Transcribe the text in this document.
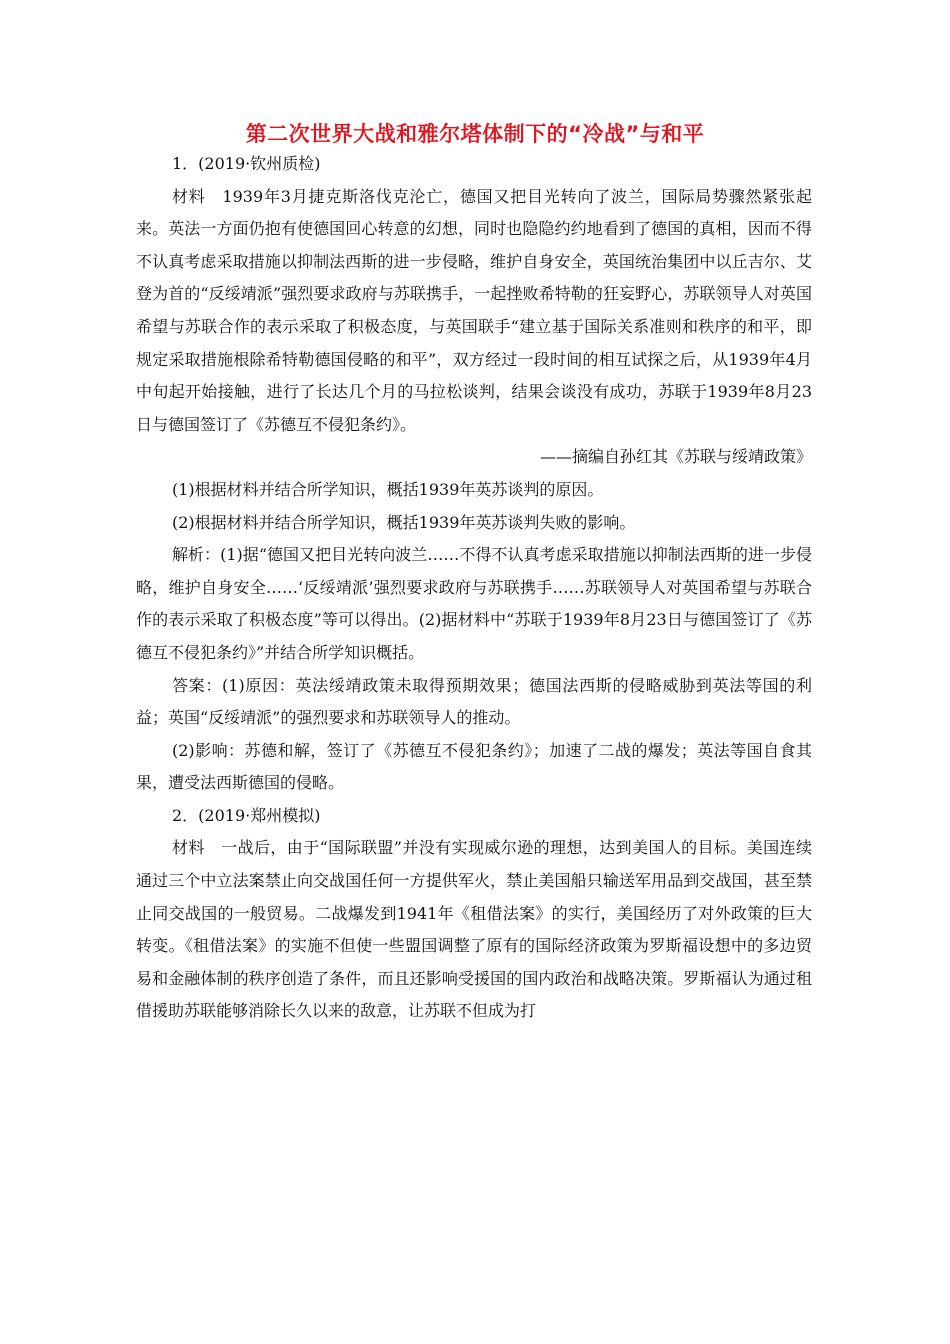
第二次世界大战和雅尔塔体制下的“冷战”与和平

1．(2019·钦州质检)

材料　1939年3月捷克斯洛伐克沦亡，德国又把目光转向了波兰，国际局势骤然紧张起来。英法一方面仍抱有使德国回心转意的幻想，同时也隐隐约约地看到了德国的真相，因而不得不认真考虑采取措施以抑制法西斯的进一步侵略，维护自身安全，英国统治集团中以丘吉尔、艾登为首的“反绥靖派”强烈要求政府与苏联携手，一起挫败希特勒的狂妄野心，苏联领导人对英国希望与苏联合作的表示采取了积极态度，与英国联手“建立基于国际关系准则和秩序的和平，即规定采取措施根除希特勒德国侵略的和平”，双方经过一段时间的相互试探之后，从1939年4月中旬起开始接触，进行了长达几个月的马拉松谈判，结果会谈没有成功，苏联于1939年8月23日与德国签订了《苏德互不侵犯条约》。

——摘编自孙红其《苏联与绥靖政策》

(1)根据材料并结合所学知识，概括1939年英苏谈判的原因。

(2)根据材料并结合所学知识，概括1939年英苏谈判失败的影响。

解析：(1)据“德国又把目光转向波兰……不得不认真考虑采取措施以抑制法西斯的进一步侵略，维护自身安全……‘反绥靖派’强烈要求政府与苏联携手……苏联领导人对英国希望与苏联合作的表示采取了积极态度”等可以得出。(2)据材料中“苏联于1939年8月23日与德国签订了《苏德互不侵犯条约》”并结合所学知识概括。

答案：(1)原因：英法绥靖政策未取得预期效果；德国法西斯的侵略威胁到英法等国的利益；英国“反绥靖派”的强烈要求和苏联领导人的推动。

(2)影响：苏德和解，签订了《苏德互不侵犯条约》；加速了二战的爆发；英法等国自食其果，遭受法西斯德国的侵略。

2．(2019·郑州模拟)

材料　一战后，由于“国际联盟”并没有实现威尔逊的理想，达到美国人的目标。美国连续通过三个中立法案禁止向交战国任何一方提供军火，禁止美国船只输送军用品到交战国，甚至禁止同交战国的一般贸易。二战爆发到1941年《租借法案》的实行，美国经历了对外政策的巨大转变。《租借法案》的实施不但使一些盟国调整了原有的国际经济政策为罗斯福设想中的多边贸易和金融体制的秩序创造了条件，而且还影响受援国的国内政治和战略决策。罗斯福认为通过租借援助苏联能够消除长久以来的敌意，让苏联不但成为打
